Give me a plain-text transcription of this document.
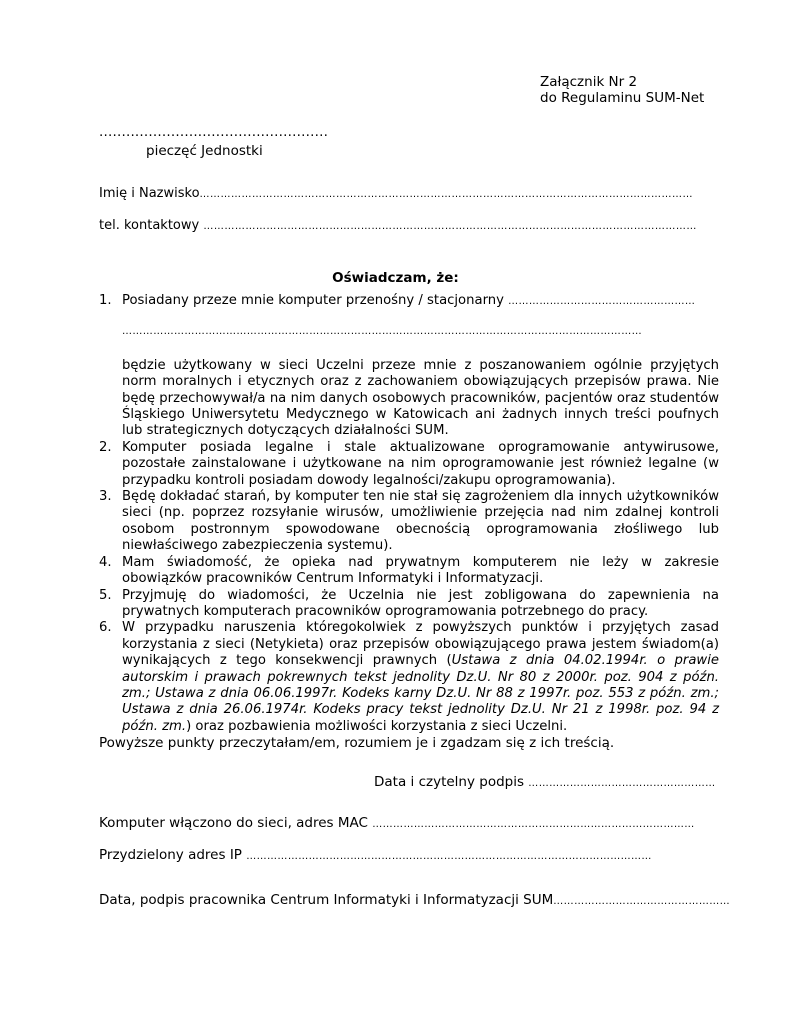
Załącznik Nr 2
do Regulaminu SUM-Net
...................................................
pieczęć Jednostki
Imię i Nazwisko……………………………………………………………………………………………………………………………
tel. kontaktowy ……………………………………………………………………………………………………………………………
Oświadczam, że:
1. Posiadany przeze mnie komputer przenośny / stacjonarny ………………………………………………
……………………………………………………………………………………………………………………………………
będzie użytkowany w sieci Uczelni przeze mnie z poszanowaniem ogólnie przyjętych norm moralnych i etycznych oraz z zachowaniem obowiązujących przepisów prawa. Nie będę przechowywał/a na nim danych osobowych pracowników, pacjentów oraz studentów Śląskiego Uniwersytetu Medycznego w Katowicach ani żadnych innych treści poufnych lub strategicznych dotyczących działalności SUM.
2. Komputer posiada legalne i stale aktualizowane oprogramowanie antywirusowe, pozostałe zainstalowane i użytkowane na nim oprogramowanie jest również legalne (w przypadku kontroli posiadam dowody legalności/zakupu oprogramowania).
3. Będę dokładać starań, by komputer ten nie stał się zagrożeniem dla innych użytkowników sieci (np. poprzez rozsyłanie wirusów, umożliwienie przejęcia nad nim zdalnej kontroli osobom postronnym spowodowane obecnością oprogramowania złośliwego lub niewłaściwego zabezpieczenia systemu).
4. Mam świadomość, że opieka nad prywatnym komputerem nie leży w zakresie obowiązków pracowników Centrum Informatyki i Informatyzacji.
5. Przyjmuję do wiadomości, że Uczelnia nie jest zobligowana do zapewnienia na prywatnych komputerach pracowników oprogramowania potrzebnego do pracy.
6. W przypadku naruszenia któregokolwiek z powyższych punktów i przyjętych zasad korzystania z sieci (Netykieta) oraz przepisów obowiązującego prawa jestem świadom(a) wynikających z tego konsekwencji prawnych (Ustawa z dnia 04.02.1994r. o prawie autorskim i prawach pokrewnych tekst jednolity Dz.U. Nr 80 z 2000r. poz. 904 z późn. zm.; Ustawa z dnia 06.06.1997r. Kodeks karny Dz.U. Nr 88 z 1997r. poz. 553 z późn. zm.; Ustawa z dnia 26.06.1974r. Kodeks pracy tekst jednolity Dz.U. Nr 21 z 1998r. poz. 94 z późn. zm.) oraz pozbawienia możliwości korzystania z sieci Uczelni.
Powyższe punkty przeczytałam/em, rozumiem je i zgadzam się z ich treścią.
Data i czytelny podpis ………………………………………………
Komputer włączono do sieci, adres MAC …………………………………………………………………………………
Przydzielony adres IP ………………………………………………………………………………………………………
Data, podpis pracownika Centrum Informatyki i Informatyzacji SUM……………………………………………
